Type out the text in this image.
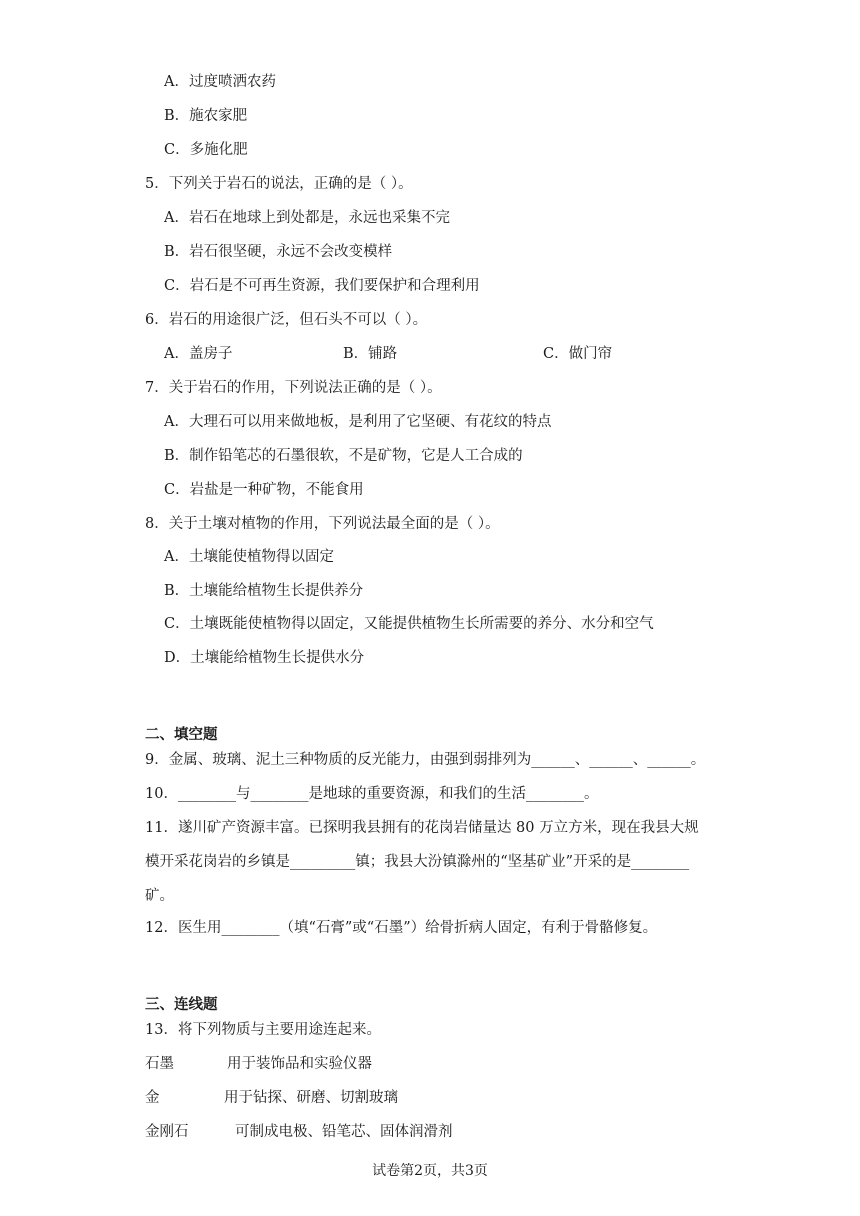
A．过度喷洒农药
B．施农家肥
C．多施化肥
5．下列关于岩石的说法，正确的是（ ）。
A．岩石在地球上到处都是，永远也采集不完
B．岩石很坚硬，永远不会改变模样
C．岩石是不可再生资源，我们要保护和合理利用
6．岩石的用途很广泛，但石头不可以（ ）。
A．盖房子	B．铺路	C．做门帘
7．关于岩石的作用，下列说法正确的是（ ）。
A．大理石可以用来做地板，是利用了它坚硬、有花纹的特点
B．制作铅笔芯的石墨很软，不是矿物，它是人工合成的
C．岩盐是一种矿物，不能食用
8．关于土壤对植物的作用，下列说法最全面的是（ ）。
A．土壤能使植物得以固定
B．土壤能给植物生长提供养分
C．土壤既能使植物得以固定，又能提供植物生长所需要的养分、水分和空气
D．土壤能给植物生长提供水分
二、填空题
9．金属、玻璃、泥土三种物质的反光能力，由强到弱排列为______、______、______。
10．________与________是地球的重要资源，和我们的生活________。
11．遂川矿产资源丰富。已探明我县拥有的花岗岩储量达 80 万立方米，现在我县大规
模开采花岗岩的乡镇是_________镇；我县大汾镇滁州的“坚基矿业”开采的是________
矿。
12．医生用________（填“石膏”或“石墨”）给骨折病人固定，有利于骨骼修复。
三、连线题
13．将下列物质与主要用途连起来。
石墨	用于装饰品和实验仪器
金	用于钻探、研磨、切割玻璃
金刚石	可制成电极、铅笔芯、固体润滑剂
试卷第2页，共3页
